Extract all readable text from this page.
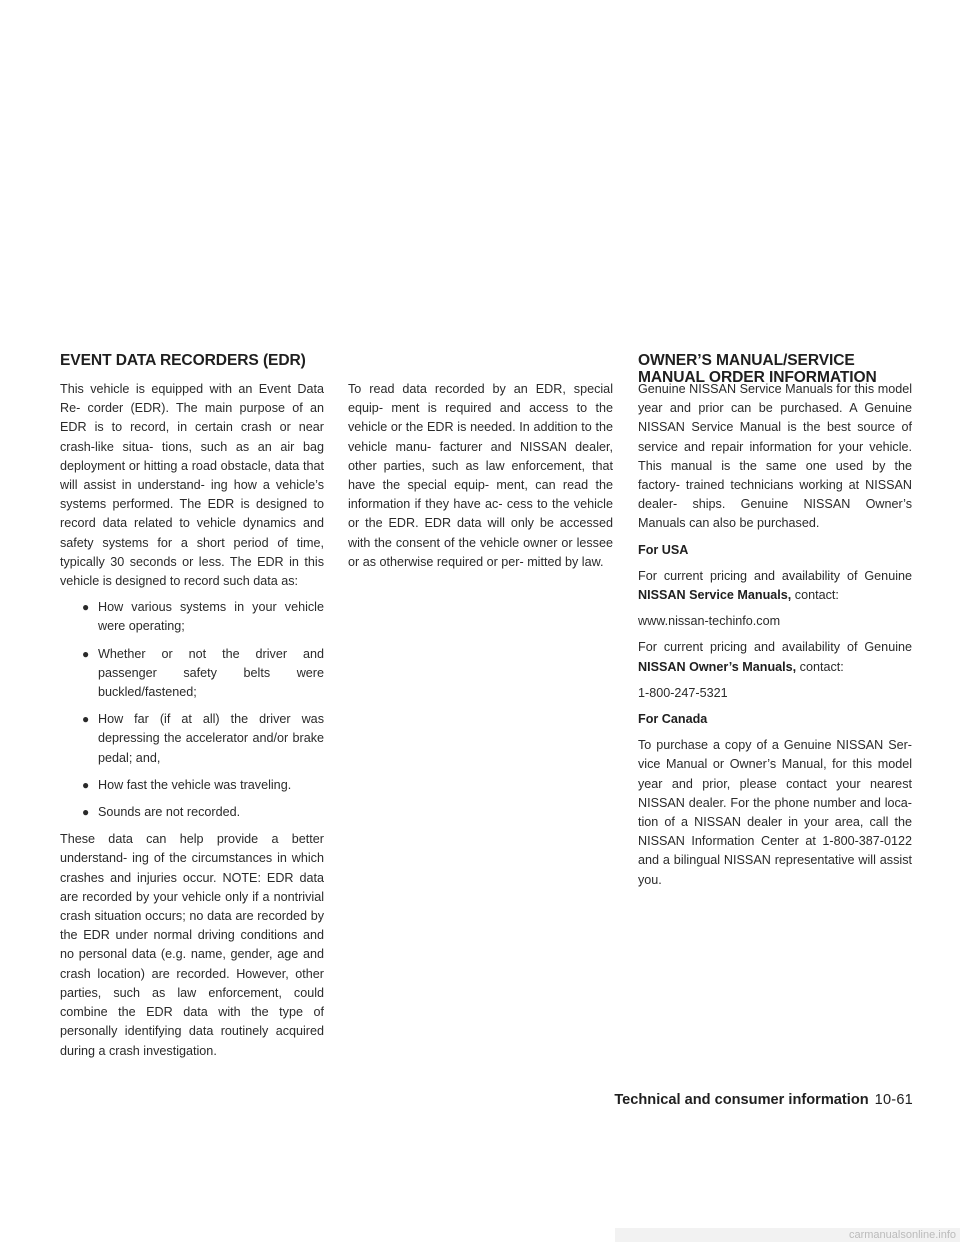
EVENT DATA RECORDERS (EDR)	OWNER’S MANUAL/SERVICE
MANUAL ORDER INFORMATION

This vehicle is equipped with an Event Data Re- corder (EDR). The main purpose of an EDR is to record, in certain crash or near crash-like situa- tions, such as an air bag deployment or hitting a road obstacle, data that will assist in understand- ing how a vehicle’s systems performed. The EDR is designed to record data related to vehicle dynamics and safety systems for a short period of time, typically 30 seconds or less. The EDR in this vehicle is designed to record such data as:

● How various systems in your vehicle were operating;
● Whether or not the driver and passenger safety belts were buckled/fastened;
● How far (if at all) the driver was depressing the accelerator and/or brake pedal; and,
● How fast the vehicle was traveling.
● Sounds are not recorded.

These data can help provide a better understand- ing of the circumstances in which crashes and injuries occur. NOTE: EDR data are recorded by your vehicle only if a nontrivial crash situation occurs; no data are recorded by the EDR under normal driving conditions and no personal data (e.g. name, gender, age and crash location) are recorded. However, other parties, such as law enforcement, could combine the EDR data with the type of personally identifying data routinely acquired during a crash investigation.

To read data recorded by an EDR, special equip- ment is required and access to the vehicle or the EDR is needed. In addition to the vehicle manu- facturer and NISSAN dealer, other parties, such as law enforcement, that have the special equip- ment, can read the information if they have ac- cess to the vehicle or the EDR. EDR data will only be accessed with the consent of the vehicle owner or lessee or as otherwise required or per- mitted by law.

Genuine NISSAN Service Manuals for this model year and prior can be purchased. A Genuine NISSAN Service Manual is the best source of service and repair information for your vehicle. This manual is the same one used by the factory- trained technicians working at NISSAN dealer- ships. Genuine NISSAN Owner’s Manuals can also be purchased.

For USA

For current pricing and availability of Genuine NISSAN Service Manuals, contact:

www.nissan-techinfo.com

For current pricing and availability of Genuine NISSAN Owner’s Manuals, contact:

1-800-247-5321

For Canada

To purchase a copy of a Genuine NISSAN Ser- vice Manual or Owner’s Manual, for this model year and prior, please contact your nearest NISSAN dealer. For the phone number and loca- tion of a NISSAN dealer in your area, call the NISSAN Information Center at 1-800-387-0122 and a bilingual NISSAN representative will assist you.

Technical and consumer information 10-61
carmanualsonline.info
